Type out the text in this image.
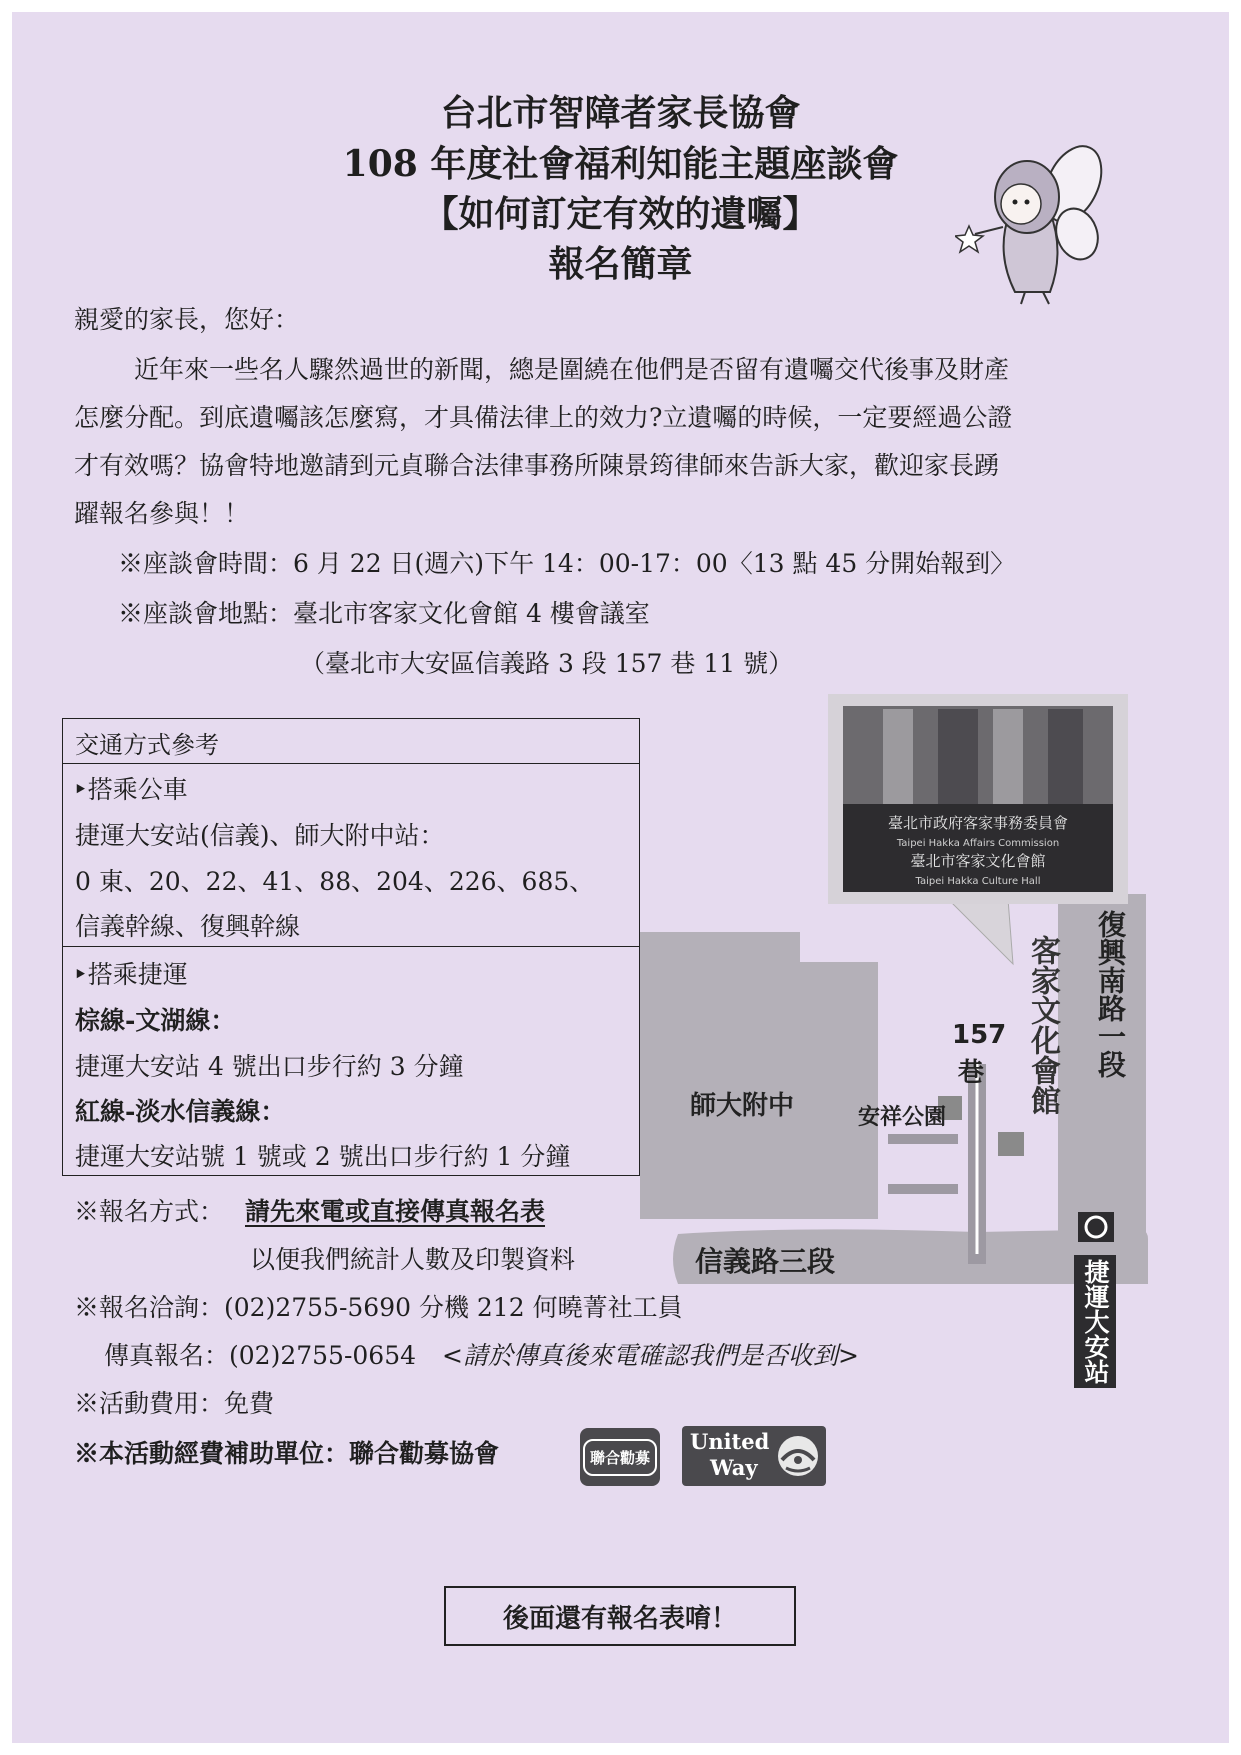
台北市智障者家長協會
108 年度社會福利知能主題座談會
【如何訂定有效的遺囑】
報名簡章
親愛的家長，您好：
近年來一些名人驟然過世的新聞，總是圍繞在他們是否留有遺囑交代後事及財產
怎麼分配。到底遺囑該怎麼寫，才具備法律上的效力?立遺囑的時候，一定要經過公證
才有效嗎？協會特地邀請到元貞聯合法律事務所陳景筠律師來告訴大家，歡迎家長踴
躍報名參與！！
※座談會時間：6 月 22 日(週六)下午 14：00-17：00〈13 點 45 分開始報到〉
※座談會地點：臺北市客家文化會館 4 樓會議室
（臺北市大安區信義路 3 段 157 巷 11 號）
臺北市政府客家事務委員會
Taipei Hakka Affairs Commission
臺北市客家文化會館
Taipei Hakka Culture Hall
復興南路一段
客家文化會館
157
巷
師大附中	安祥公園
信義路三段	捷運大安站
交通方式參考
‣搭乘公車
捷運大安站(信義)、師大附中站：
0 東、20、22、41、88、204、226、685、
信義幹線、復興幹線
‣搭乘捷運
棕線-文湖線：
捷運大安站 4 號出口步行約 3 分鐘
紅線-淡水信義線：
捷運大安站號 1 號或 2 號出口步行約 1 分鐘
※報名方式： 請先來電或直接傳真報名表
以便我們統計人數及印製資料
※報名洽詢：(02)2755-5690 分機 212 何曉菁社工員
傳真報名：(02)2755-0654 <請於傳真後來電確認我們是否收到>
※活動費用：免費
※本活動經費補助單位：聯合勸募協會	聯合勸募
United
Way
後面還有報名表唷！
